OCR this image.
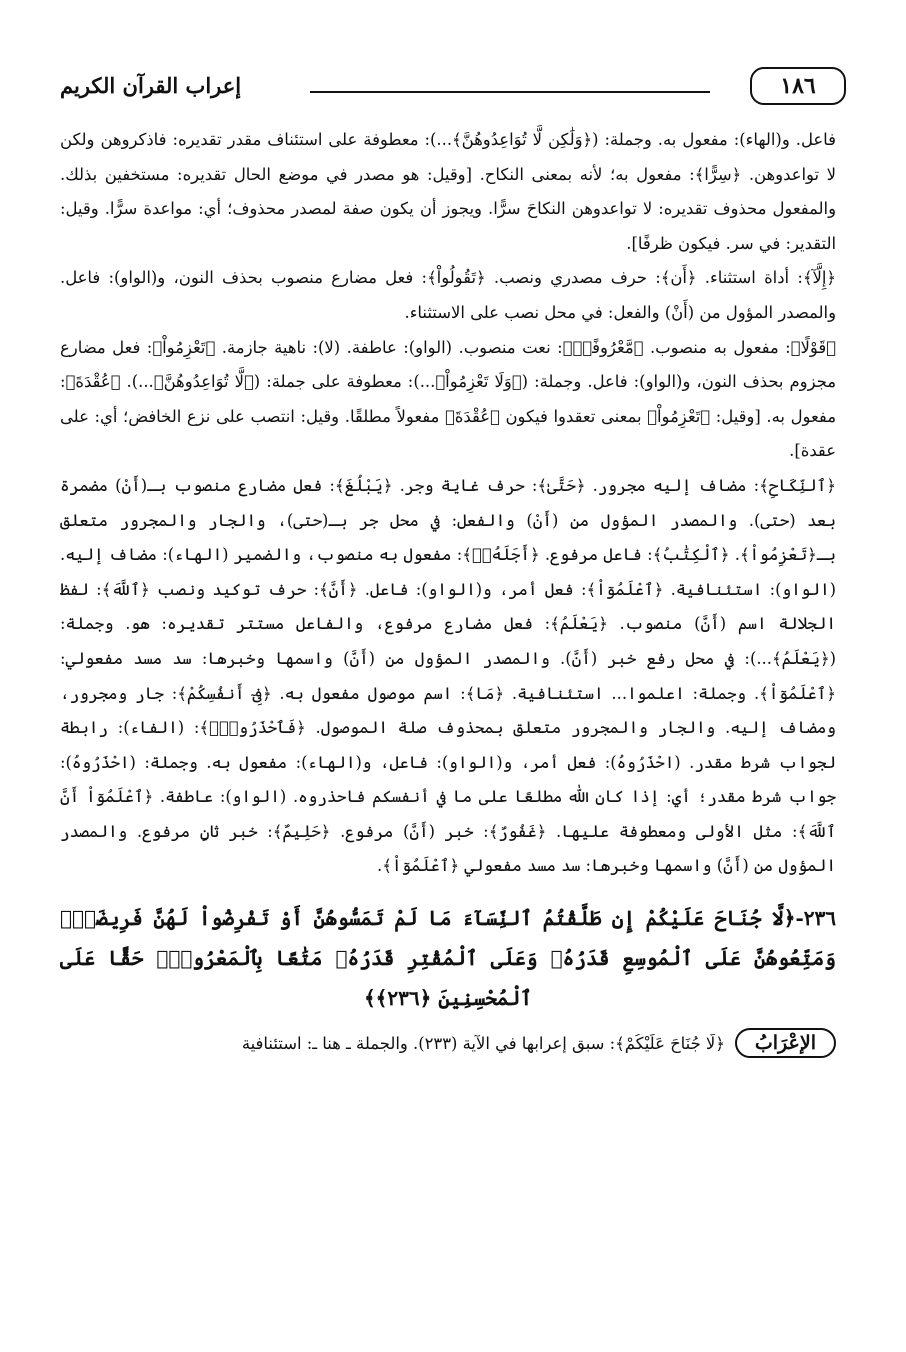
إعراب القرآن الكريم	١٨٦

فاعل. و(الهاء): مفعول به. وجملة: (﴿وَلَٰكِن لَّا تُوَاعِدُوهُنَّ﴾...): معطوفة على استئناف مقدر تقديره: فاذكروهن ولكن لا تواعدوهن. ﴿سِرًّا﴾: مفعول به؛ لأنه بمعنى النكاح. [وقيل: هو مصدر في موضع الحال تقديره: مستخفين بذلك. والمفعول محذوف تقديره: لا تواعدوهن النكاحَ سرًّا. ويجوز أن يكون صفة لمصدر محذوف؛ أي: مواعدة سرًّا. وقيل: التقدير: في سر. فيكون ظرفًا].

﴿إِلَّآ﴾: أداة استثناء. ﴿أَن﴾: حرف مصدري ونصب. ﴿تَقُولُواْ﴾: فعل مضارع منصوب بحذف النون، و(الواو): فاعل. والمصدر المؤول من (أَنْ) والفعل: في محل نصب على الاستثناء.

﴿قَوْلًا﴾: مفعول به منصوب. ﴿مَّعْرُوفًاۚ﴾: نعت منصوب. (الواو): عاطفة. (لا): ناهية جازمة. ﴿تَعْزِمُواْ﴾: فعل مضارع مجزوم بحذف النون، و(الواو): فاعل. وجملة: (﴿وَلَا تَعْزِمُواْ﴾...): معطوفة على جملة: (﴿لَّا تُوَاعِدُوهُنَّ﴾...). ﴿عُقْدَةَ﴾: مفعول به. [وقيل: ﴿تَعْزِمُواْ﴾ بمعنى تعقدوا فيكون ﴿عُقْدَةَ﴾ مفعولاً مطلقًا. وقيل: انتصب على نزع الخافض؛ أي: على عقدة].

﴿ٱلنِّكَاحِ﴾: مضاف إليه مجرور. ﴿حَتَّىٰ﴾: حرف غاية وجر. ﴿يَبْلُغَ﴾: فعل مضارع منصوب بـ(أَنْ) مضمرة بعد (حتى). والمصدر المؤول من (أَنْ) والفعل: في محل جر بـ(حتى)، والجار والمجرور متعلق بـ﴿تَعْزِمُواْ﴾. ﴿ٱلْكِتَٰبُ﴾: فاعل مرفوع. ﴿أَجَلَهُۥۚ﴾: مفعول به منصوب، والضمير (الهاء): مضاف إليه. (الواو): استئنافية. ﴿ٱعْلَمُوٓاْ﴾: فعل أمر، و(الواو): فاعل. ﴿أَنَّ﴾: حرف توكيد ونصب ﴿ٱللَّهَ﴾: لفظ الجلالة اسم (أَنَّ) منصوب. ﴿يَعْلَمُ﴾: فعل مضارع مرفوع، والفاعل مستتر تقديره: هو. وجملة: (﴿يَعْلَمُ﴾...): في محل رفع خبر (أَنَّ). والمصدر المؤول من (أَنَّ) واسمها وخبرها: سد مسد مفعولي: ﴿ٱعْلَمُوٓاْ﴾. وجملة: اعلموا... استئنافية. ﴿مَا﴾: اسم موصول مفعول به. ﴿فِىٓ أَنفُسِكُمْ﴾: جار ومجرور، ومضاف إليه. والجار والمجرور متعلق بمحذوف صلة الموصول. ﴿فَٱحْذَرُوهُۚ﴾: (الفاء): رابطة لجواب شرط مقدر. (احْذَرُوهُ): فعل أمر، و(الواو): فاعل، و(الهاء): مفعول به. وجملة: (احْذَرُوهُ): جواب شرط مقدر؛ أي: إذا كان اللّٰه مطلعًا على ما في أنفسكم فاحذروه. (الواو): عاطفة. ﴿ٱعْلَمُوٓاْ أَنَّ ٱللَّهَ﴾: مثل الأولى ومعطوفة عليها. ﴿غَفُورٌ﴾: خبر (أَنَّ) مرفوع. ﴿حَلِيمٌ﴾: خبر ثانٍ مرفوع. والمصدر المؤول من (أَنَّ) واسمها وخبرها: سد مسد مفعولي ﴿ٱعْلَمُوٓاْ﴾.

٢٣٦-﴿لَّا جُنَاحَ عَلَيْكُمْ إِن طَلَّقْتُمُ ٱلنِّسَآءَ مَا لَمْ تَمَسُّوهُنَّ أَوْ تَفْرِضُواْ لَهُنَّ فَرِيضَةًۚ وَمَتِّعُوهُنَّ عَلَى ٱلْمُوسِعِ قَدَرُهُۥ وَعَلَى ٱلْمُقْتِرِ قَدَرُهُۥ مَتَٰعًا بِٱلْمَعْرُوفِۖ حَقًّا عَلَى ٱلْمُحْسِنِينَ ﴿٢٣٦﴾﴾
الإعْرَابُ
﴿لَّا جُنَاحَ عَلَيْكُمْ﴾: سبق إعرابها في الآية (٢٣٣). والجملة ـ هنا ـ: استئنافية
